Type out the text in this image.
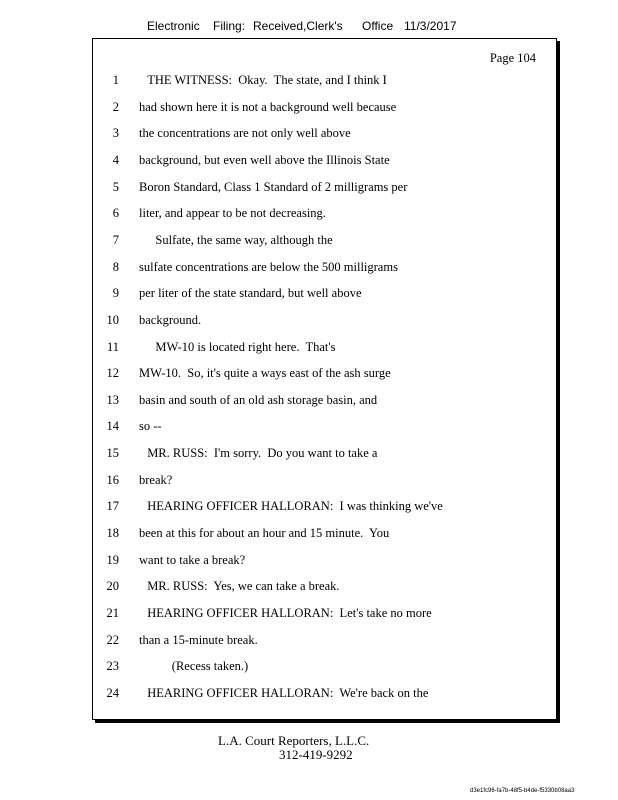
Electronic Filing: Received,Clerk's Office 11/3/2017
Page 104
1	THE WITNESS:  Okay.  The state, and I think I
2 had shown here it is not a background well because
3 the concentrations are not only well above
4 background, but even well above the Illinois State
5 Boron Standard, Class 1 Standard of 2 milligrams per
6 liter, and appear to be not decreasing.
7	Sulfate, the same way, although the
8 sulfate concentrations are below the 500 milligrams
9 per liter of the state standard, but well above
10 background.
11	MW-10 is located right here.  That's
12 MW-10.  So, it's quite a ways east of the ash surge
13 basin and south of an old ash storage basin, and
14 so --
15	MR. RUSS:  I'm sorry.  Do you want to take a
16 break?
17	HEARING OFFICER HALLORAN:  I was thinking we've
18 been at this for about an hour and 15 minute.  You
19 want to take a break?
20	MR. RUSS:  Yes, we can take a break.
21	HEARING OFFICER HALLORAN:  Let's take no more
22 than a 15-minute break.
23	(Recess taken.)
24	HEARING OFFICER HALLORAN:  We're back on the
L.A. Court Reporters, L.L.C.
312-419-9292
d3e1fc96-fa7b-48f5-b4de-f5330b08aa3
